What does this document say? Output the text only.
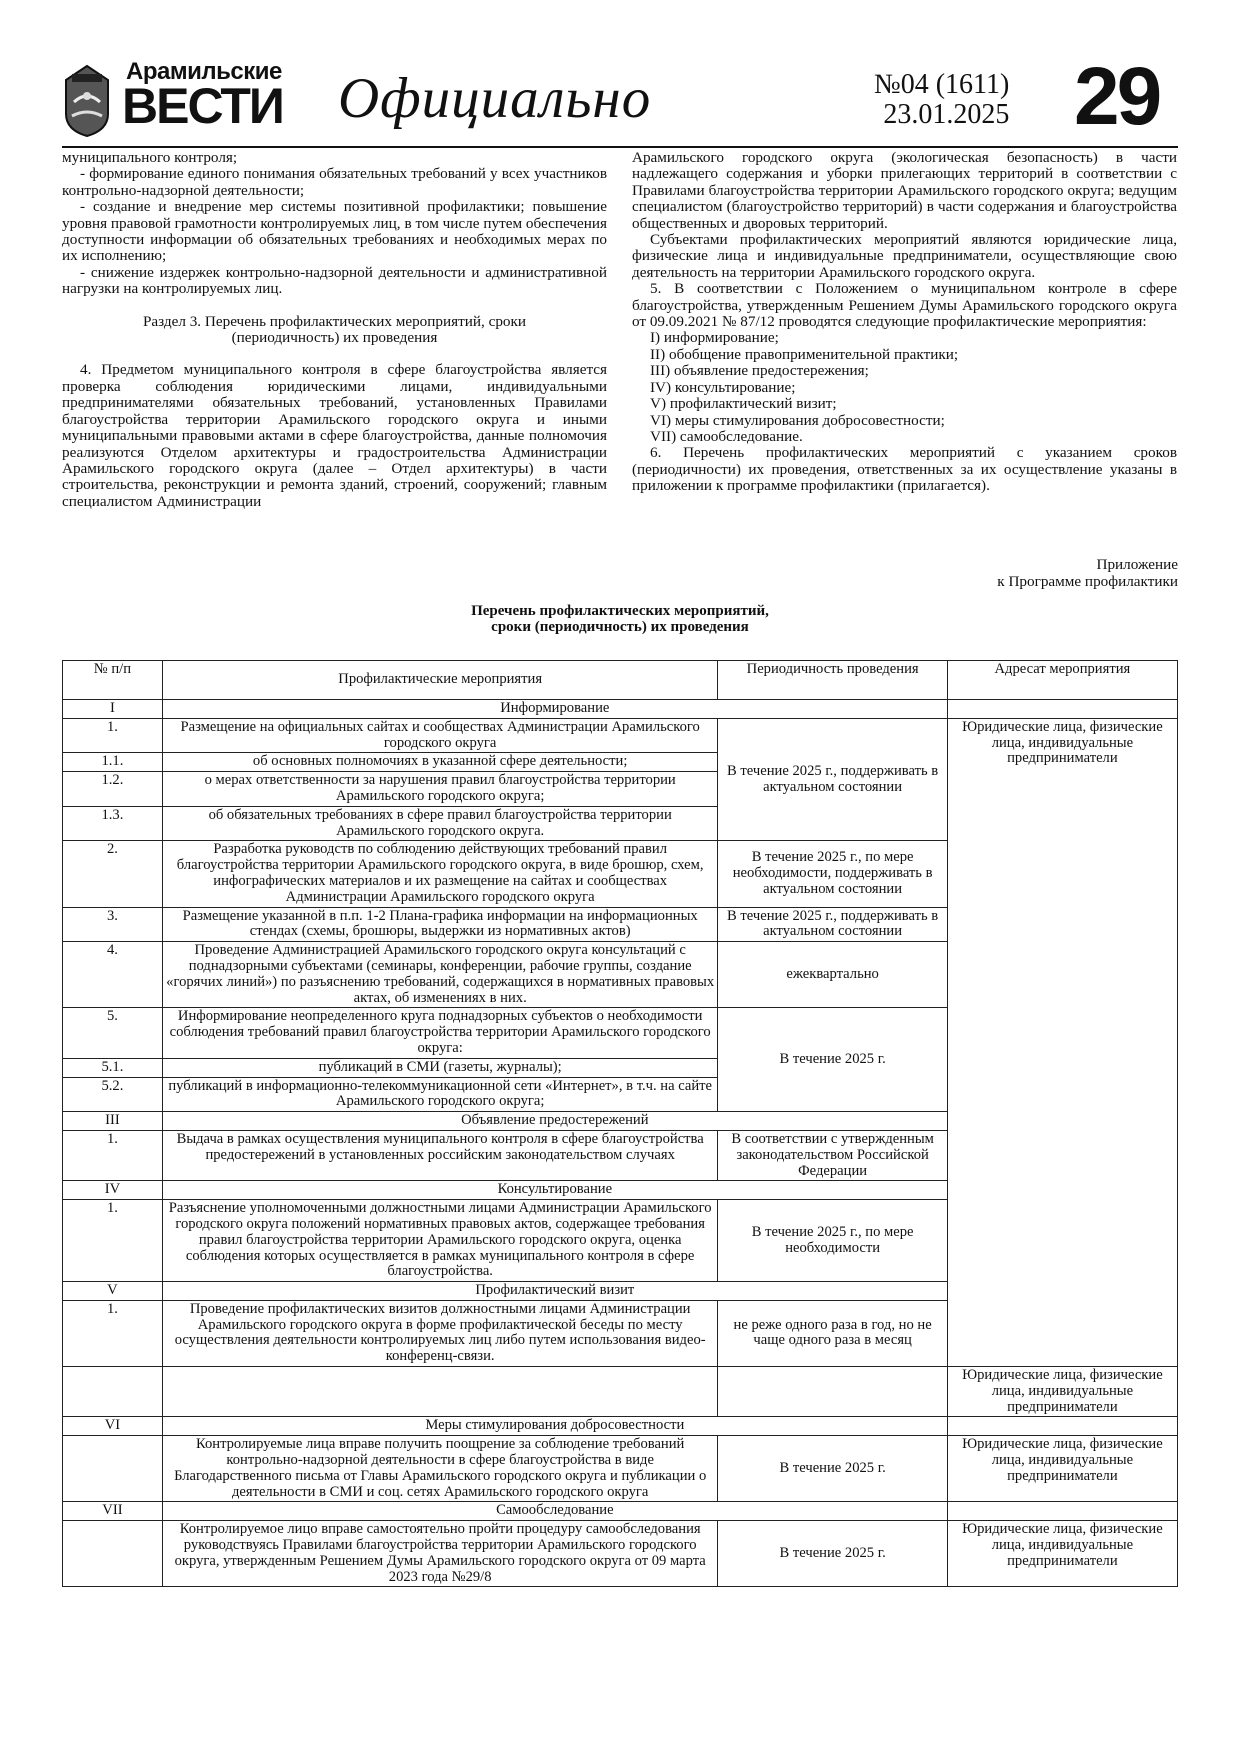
Арамильские
ВЕСТИ Официально	№04 (1611)
23.01.2025 29

муниципального контроля;

- формирование единого понимания обязательных требований у всех участников контрольно-надзорной деятельности;

- создание и внедрение мер системы позитивной профилактики; повышение уровня правовой грамотности контролируемых лиц, в том числе путем обеспечения доступности информации об обязательных требованиях и необходимых мерах по их исполнению;

- снижение издержек контрольно-надзорной деятельности и административной нагрузки на контролируемых лиц.

Раздел 3. Перечень профилактических мероприятий, сроки (периодичность) их проведения

4. Предметом муниципального контроля в сфере благоустройства является проверка соблюдения юридическими лицами, индивидуальными предпринимателями обязательных требований, установленных Правилами благоустройства территории Арамильского городского округа и иными муниципальными правовыми актами в сфере благоустройства, данные полномочия реализуются Отделом архитектуры и градостроительства Администрации Арамильского городского округа (далее – Отдел архитектуры) в части строительства, реконструкции и ремонта зданий, строений, сооружений; главным специалистом Администрации

Арамильского городского округа (экологическая безопасность) в части надлежащего содержания и уборки прилегающих территорий в соответствии с Правилами благоустройства территории Арамильского городского округа; ведущим специалистом (благоустройство территорий) в части содержания и благоустройства общественных и дворовых территорий.

Субъектами профилактических мероприятий являются юридические лица, физические лица и индивидуальные предприниматели, осуществляющие свою деятельность на территории Арамильского городского округа.

5. В соответствии с Положением о муниципальном контроле в сфере благоустройства, утвержденным Решением Думы Арамильского городского округа от 09.09.2021 № 87/12 проводятся следующие профилактические мероприятия:

I) информирование;

II) обобщение правоприменительной практики;

III) объявление предостережения;

IV) консультирование;

V) профилактический визит;

VI) меры стимулирования добросовестности;

VII) самообследование.

6. Перечень профилактических мероприятий с указанием сроков (периодичности) их проведения, ответственных за их осуществление указаны в приложении к программе профилактики (прилагается).

Приложение
к Программе профилактики
Перечень профилактических мероприятий,
сроки (периодичность) их проведения
№ п/п	Профилактические мероприятия	Периодичность проведения	Адресат мероприятия
I	Информирование		
1.	Размещение на официальных сайтах и сообществах Администрации Арамильского городского округа	В течение 2025 г., поддерживать в актуальном состоянии	Юридические лица, физические лица, индивидуальные предприниматели
1.1.	об основных полномочиях в указанной сфере деятельности;		
1.2.	о мерах ответственности за нарушения правил благоустройства территории Арамильского городского округа;		
1.3.	об обязательных требованиях в сфере правил благоустройства территории Арамильского городского округа.		
2.	Разработка руководств по соблюдению действующих требований правил благоустройства территории Арамильского городского округа, в виде брошюр, схем, инфографических материалов и их размещение на сайтах и сообществах Администрации Арамильского городского округа	В течение 2025 г., по мере необходимости, поддерживать в актуальном состоянии	
3.	Размещение указанной в п.п. 1-2 Плана-графика информации на информационных стендах (схемы, брошюры, выдержки из нормативных актов)	В течение 2025 г., поддерживать в актуальном состоянии	
4.	Проведение Администрацией Арамильского городского округа консультаций с поднадзорными субъектами (семинары, конференции, рабочие группы, создание «горячих линий») по разъяснению требований, содержащихся в нормативных правовых актах, об изменениях в них.	ежеквартально	
5.	Информирование неопределенного круга поднадзорных субъектов о необходимости соблюдения требований правил благоустройства территории Арамильского городского округа:	В течение 2025 г.	
5.1.	публикаций в СМИ (газеты, журналы);		
5.2.	публикаций в информационно-телекоммуникационной сети «Интернет», в т.ч. на сайте Арамильского городского округа;		
III	Объявление предостережений		
1.	Выдача в рамках осуществления муниципального контроля в сфере благоустройства предостережений в установленных российским законодательством случаях	В соответствии с утвержденным законодательством Российской Федерации	
IV	Консультирование		
1.	Разъяснение уполномоченными должностными лицами Администрации Арамильского городского округа положений нормативных правовых актов, содержащее требования правил благоустройства территории Арамильского городского округа, оценка соблюдения которых осуществляется в рамках муниципального контроля в сфере благоустройства.	В течение 2025 г., по мере необходимости	
V	Профилактический визит		
1.	Проведение профилактических визитов должностными лицами Администрации Арамильского городского округа в форме профилактической беседы по месту осуществления деятельности контролируемых лиц либо путем использования видео-конференц-связи.	не реже одного раза в год, но не чаще одного раза в месяц	
			Юридические лица, физические лица, индивидуальные предприниматели
VI	Меры стимулирования добросовестности		
	Контролируемые лица вправе получить поощрение за соблюдение требований контрольно-надзорной деятельности в сфере благоустройства в виде Благодарственного письма от Главы Арамильского городского округа и публикации о деятельности в СМИ и соц. сетях Арамильского городского округа	В течение 2025 г.	Юридические лица, физические лица, индивидуальные предприниматели
VII	Самообследование		
	Контролируемое лицо вправе самостоятельно пройти процедуру самообследования руководствуясь Правилами благоустройства территории Арамильского городского округа, утвержденным Решением Думы Арамильского городского округа от 09 марта 2023 года №29/8	В течение 2025 г.	Юридические лица, физические лица, индивидуальные предприниматели
